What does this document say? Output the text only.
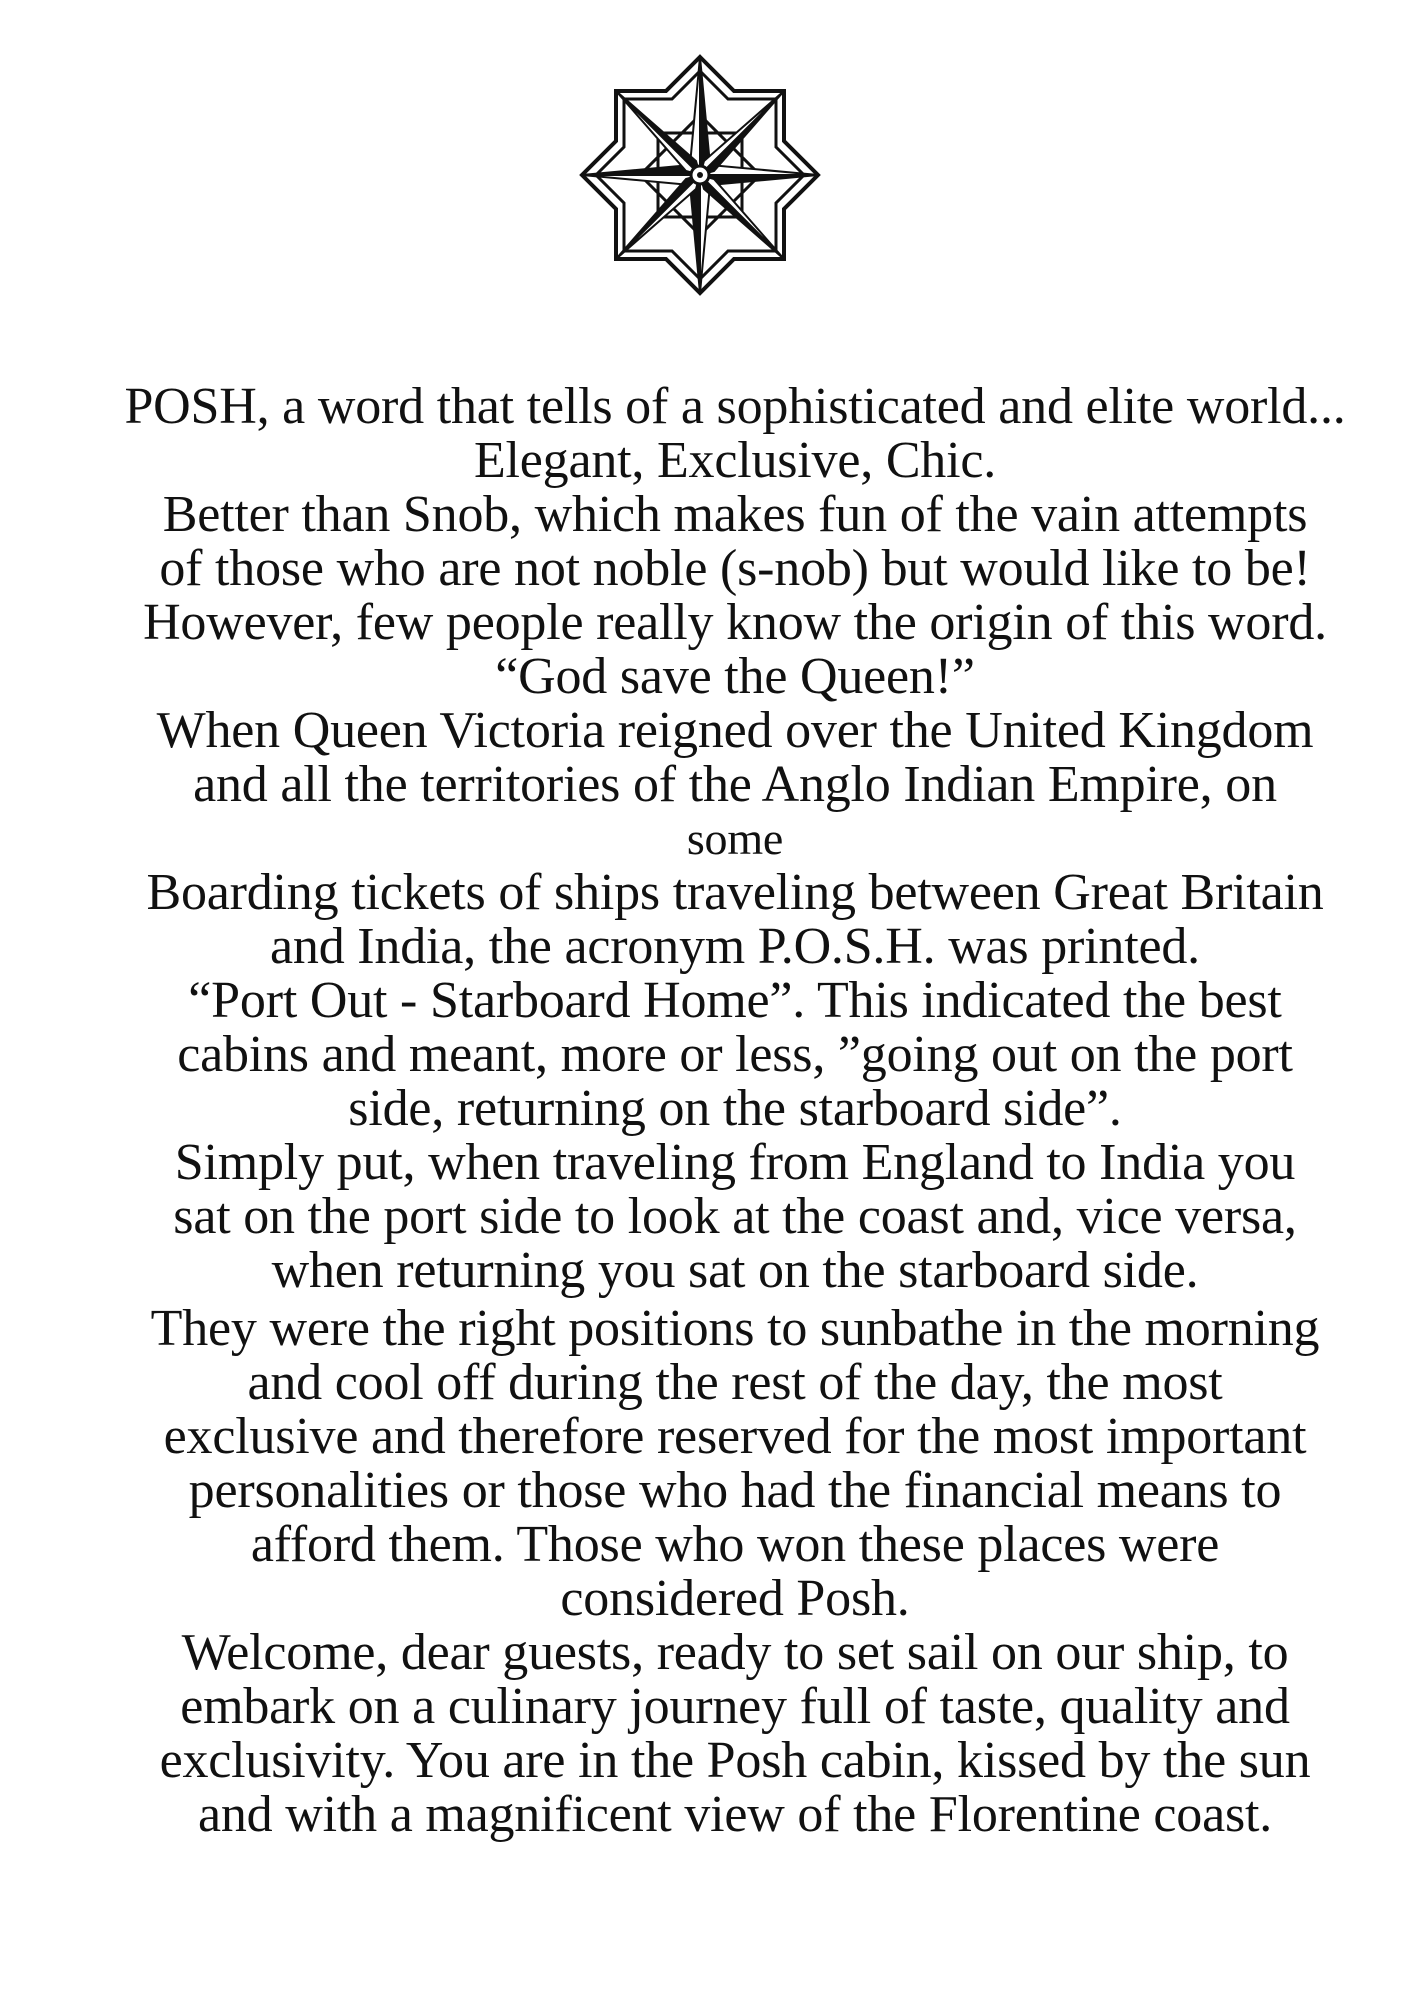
POSH, a word that tells of a sophisticated and elite world...
Elegant, Exclusive, Chic.
Better than Snob, which makes fun of the vain attempts
of those who are not noble (s-nob) but would like to be!
However, few people really know the origin of this word.
“God save the Queen!”
When Queen Victoria reigned over the United Kingdom
and all the territories of the Anglo Indian Empire, on
some
Boarding tickets of ships traveling between Great Britain
and India, the acronym P.O.S.H. was printed.
“Port Out - Starboard Home”. This indicated the best
cabins and meant, more or less, ”going out on the port
side, returning on the starboard side”.
Simply put, when traveling from England to India you
sat on the port side to look at the coast and, vice versa,
when returning you sat on the starboard side.
They were the right positions to sunbathe in the morning
and cool off during the rest of the day, the most
exclusive and therefore reserved for the most important
personalities or those who had the financial means to
afford them. Those who won these places were
considered Posh.
Welcome, dear guests, ready to set sail on our ship, to
embark on a culinary journey full of taste, quality and
exclusivity. You are in the Posh cabin, kissed by the sun
and with a magnificent view of the Florentine coast.
